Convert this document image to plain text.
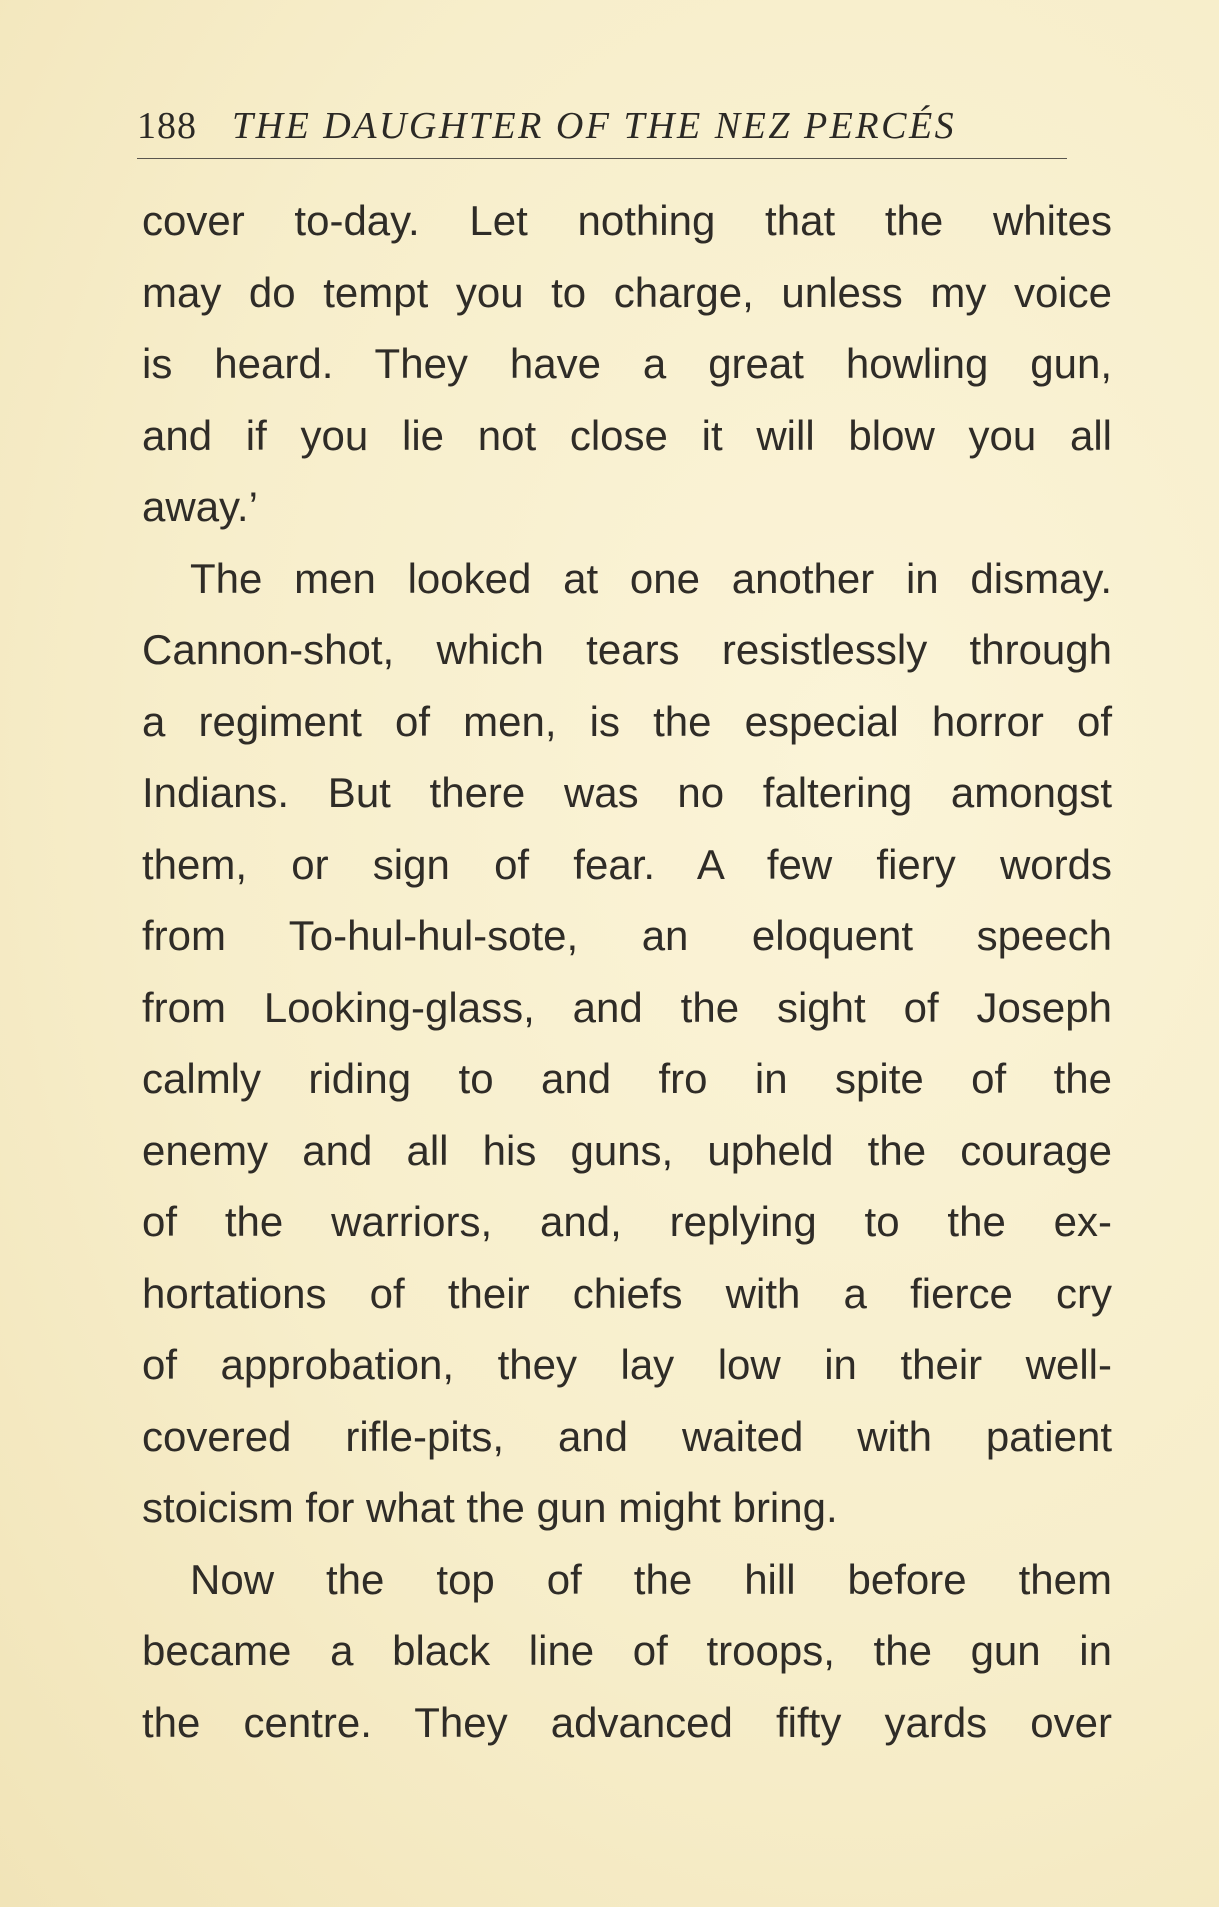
188 THE DAUGHTER OF THE NEZ PERCÉS
cover to-day. Let nothing that the whites
may do tempt you to charge, unless my voice
is heard. They have a great howling gun,
and if you lie not close it will blow you all
away.’
The men looked at one another in dismay.
Cannon-shot, which tears resistlessly through
a regiment of men, is the especial horror of
Indians. But there was no faltering amongst
them, or sign of fear. A few fiery words
from To-hul-hul-sote, an eloquent speech
from Looking-glass, and the sight of Joseph
calmly riding to and fro in spite of the
enemy and all his guns, upheld the courage
of the warriors, and, replying to the ex-
hortations of their chiefs with a fierce cry
of approbation, they lay low in their well-
covered rifle-pits, and waited with patient
stoicism for what the gun might bring.
Now the top of the hill before them
became a black line of troops, the gun in
the centre. They advanced fifty yards over
